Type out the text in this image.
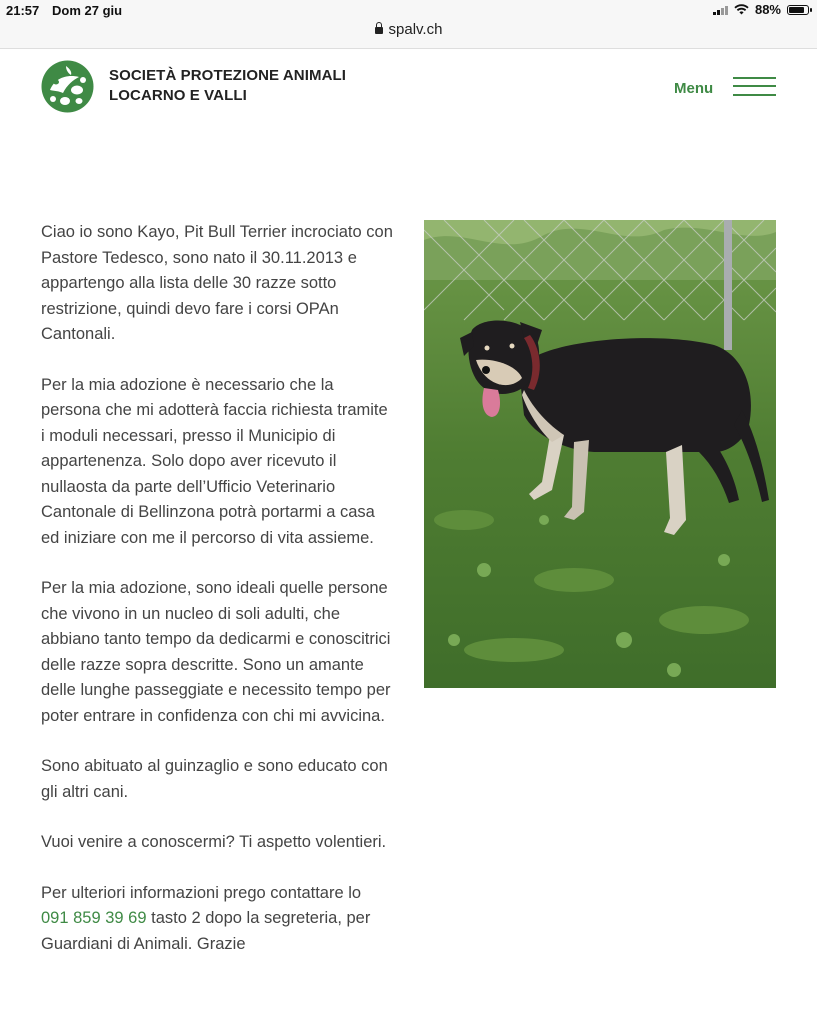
21:57 Dom 27 giu	88%
spalv.ch
SOCIETÀ PROTEZIONE ANIMALI
LOCARNO E VALLI	Menu

Ciao io sono Kayo, Pit Bull Terrier incrociato con Pastore Tedesco, sono nato il 30.11.2013 e appartengo alla lista delle 30 razze sotto restrizione, quindi devo fare i corsi OPAn Cantonali.

Per la mia adozione è necessario che la persona che mi adotterà faccia richiesta tramite i moduli necessari, presso il Municipio di appartenenza. Solo dopo aver ricevuto il nullaosta da parte dell’Ufficio Veterinario Cantonale di Bellinzona potrà portarmi a casa ed iniziare con me il percorso di vita assieme.

Per la mia adozione, sono ideali quelle persone che vivono in un nucleo di soli adulti, che abbiano tanto tempo da dedicarmi e conoscitrici delle razze sopra descritte. Sono un amante delle lunghe passeggiate e necessito tempo per poter entrare in confidenza con chi mi avvicina.

Sono abituato al guinzaglio e sono educato con gli altri cani.

Vuoi venire a conoscermi? Ti aspetto volentieri.

Per ulteriori informazioni prego contattare lo 091 859 39 69 tasto 2 dopo la segreteria, per Guardiani di Animali. Grazie
